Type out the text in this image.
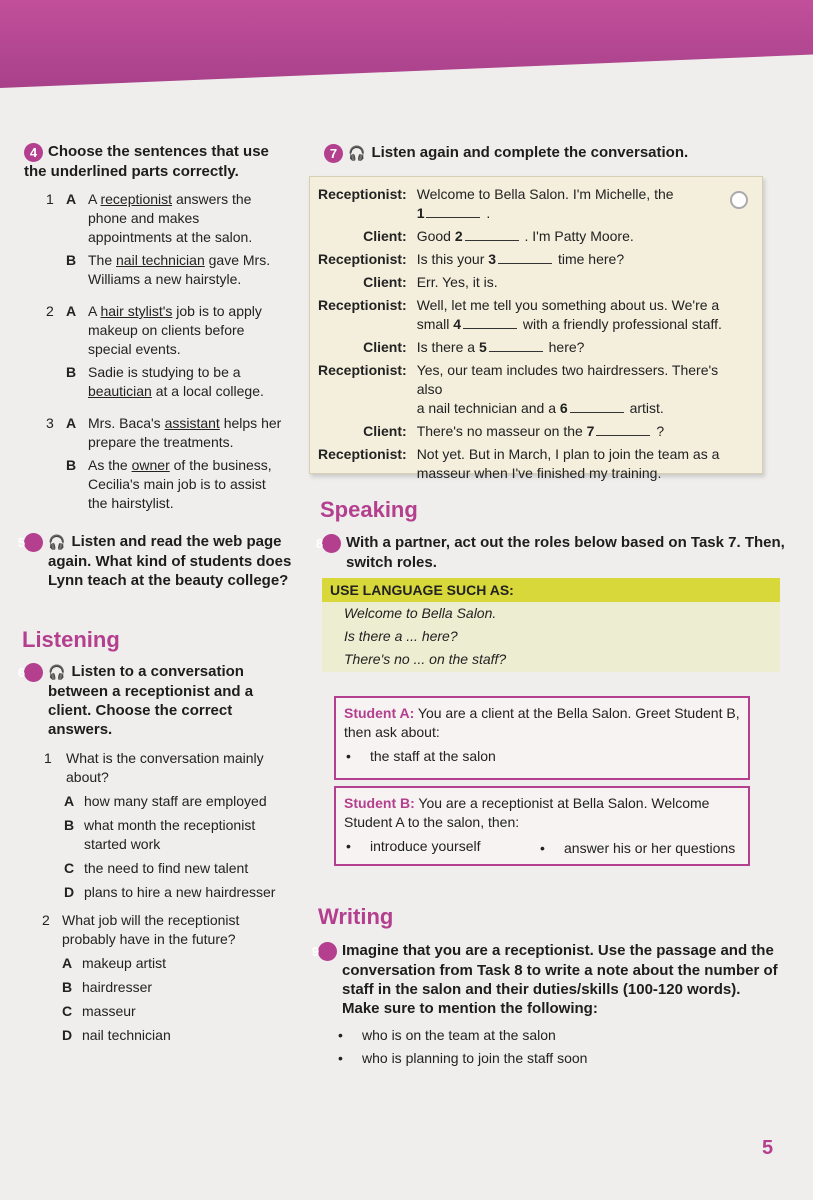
4 Choose the sentences that use the underlined parts correctly.
1 A A receptionist answers the phone and makes appointments at the salon.
B The nail technician gave Mrs. Williams a new hairstyle.
2 A A hair stylist's job is to apply makeup on clients before special events.
B Sadie is studying to be a beautician at a local college.
3 A Mrs. Baca's assistant helps her prepare the treatments.
B As the owner of the business, Cecilia's main job is to assist the hairstylist.
5 🎧 Listen and read the web page again. What kind of students does Lynn teach at the beauty college?
Listening
6 🎧 Listen to a conversation between a receptionist and a client. Choose the correct answers.
1 What is the conversation mainly about?
A how many staff are employed
B what month the receptionist started work
C the need to find new talent
D plans to hire a new hairdresser
2 What job will the receptionist probably have in the future?
A makeup artist
B hairdresser
C masseur
D nail technician
7 🎧 Listen again and complete the conversation.
Receptionist:	Welcome to Bella Salon. I'm Michelle, the
1 .
Client:	Good 2 . I'm Patty Moore.
Receptionist:	Is this your 3 time here?
Client:	Err. Yes, it is.
Receptionist:	Well, let me tell you something about us. We're a
small 4 with a friendly professional staff.
Client:	Is there a 5 here?
Receptionist:	Yes, our team includes two hairdressers. There's also
a nail technician and a 6 artist.
Client:	There's no masseur on the 7 ?
Receptionist:	Not yet. But in March, I plan to join the team as a masseur when I've finished my training.
Speaking
8 With a partner, act out the roles below based on Task 7. Then, switch roles.
USE LANGUAGE SUCH AS:
Welcome to Bella Salon.
Is there a ... here?
There's no ... on the staff?
Student A: You are a client at the Bella Salon. Greet Student B, then ask about:
• the staff at the salon
Student B: You are a receptionist at Bella Salon. Welcome Student A to the salon, then:
• introduce yourself	• answer his or her questions
Writing
9 Imagine that you are a receptionist. Use the passage and the conversation from Task 8 to write a note about the number of staff in the salon and their duties/skills (100-120 words). Make sure to mention the following:
• who is on the team at the salon
• who is planning to join the staff soon
5
